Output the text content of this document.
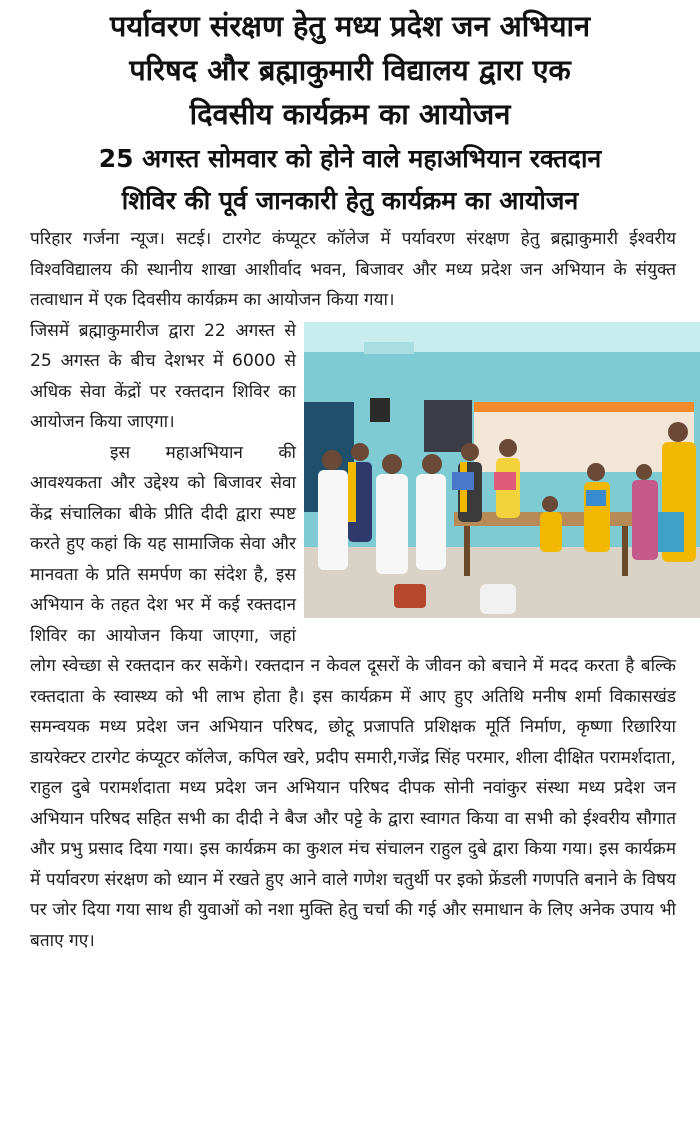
पर्यावरण संरक्षण हेतु मध्य प्रदेश जन अभियान
परिषद और ब्रह्माकुमारी विद्यालय द्वारा एक
दिवसीय कार्यक्रम का आयोजन
25 अगस्त सोमवार को होने वाले महाअभियान रक्तदान
शिविर की पूर्व जानकारी हेतु कार्यक्रम का आयोजन

परिहार गर्जना न्यूज। सटई। टारगेट कंप्यूटर कॉलेज में पर्यावरण संरक्षण हेतु ब्रह्माकुमारी ईश्वरीय विश्वविद्यालय की स्थानीय शाखा आशीर्वाद भवन, बिजावर और मध्य प्रदेश जन अभियान के संयुक्त तत्वाधान में एक दिवसीय कार्यक्रम का आयोजन किया गया।

जिसमें ब्रह्माकुमारीज द्वारा 22 अगस्त से 25 अगस्त के बीच देशभर में 6000 से अधिक सेवा केंद्रों पर रक्तदान शिविर का आयोजन किया जाएगा।

इस महाअभियान की आवश्यकता और उद्देश्य को बिजावर सेवा केंद्र संचालिका बीके प्रीति दीदी द्वारा स्पष्ट करते हुए कहां कि यह सामाजिक सेवा और मानवता के प्रति समर्पण का संदेश है, इस अभियान के तहत देश भर में कई रक्तदान शिविर का आयोजन किया जाएगा, जहां लोग स्वेच्छा से रक्तदान कर सकेंगे। रक्तदान न केवल दूसरों के जीवन को बचाने में मदद करता है बल्कि रक्तदाता के स्वास्थ्य को भी लाभ होता है। इस कार्यक्रम में आए हुए अतिथि मनीष शर्मा विकासखंड समन्वयक मध्य प्रदेश जन अभियान परिषद, छोटू प्रजापति प्रशिक्षक मूर्ति निर्माण, कृष्णा रिछारिया डायरेक्टर टारगेट कंप्यूटर कॉलेज, कपिल खरे, प्रदीप समारी,गजेंद्र सिंह परमार, शीला दीक्षित परामर्शदाता, राहुल दुबे परामर्शदाता मध्य प्रदेश जन अभियान परिषद दीपक सोनी नवांकुर संस्था मध्य प्रदेश जन अभियान परिषद सहित सभी का दीदी ने बैज और पट्टे के द्वारा स्वागत किया वा सभी को ईश्वरीय सौगात और प्रभु प्रसाद दिया गया। इस कार्यक्रम का कुशल मंच संचालन राहुल दुबे द्वारा किया गया। इस कार्यक्रम में पर्यावरण संरक्षण को ध्यान में रखते हुए आने वाले गणेश चतुर्थी पर इको फ्रेंडली गणपति बनाने के विषय पर जोर दिया गया साथ ही युवाओं को नशा मुक्ति हेतु चर्चा की गई और समाधान के लिए अनेक उपाय भी बताए गए।
